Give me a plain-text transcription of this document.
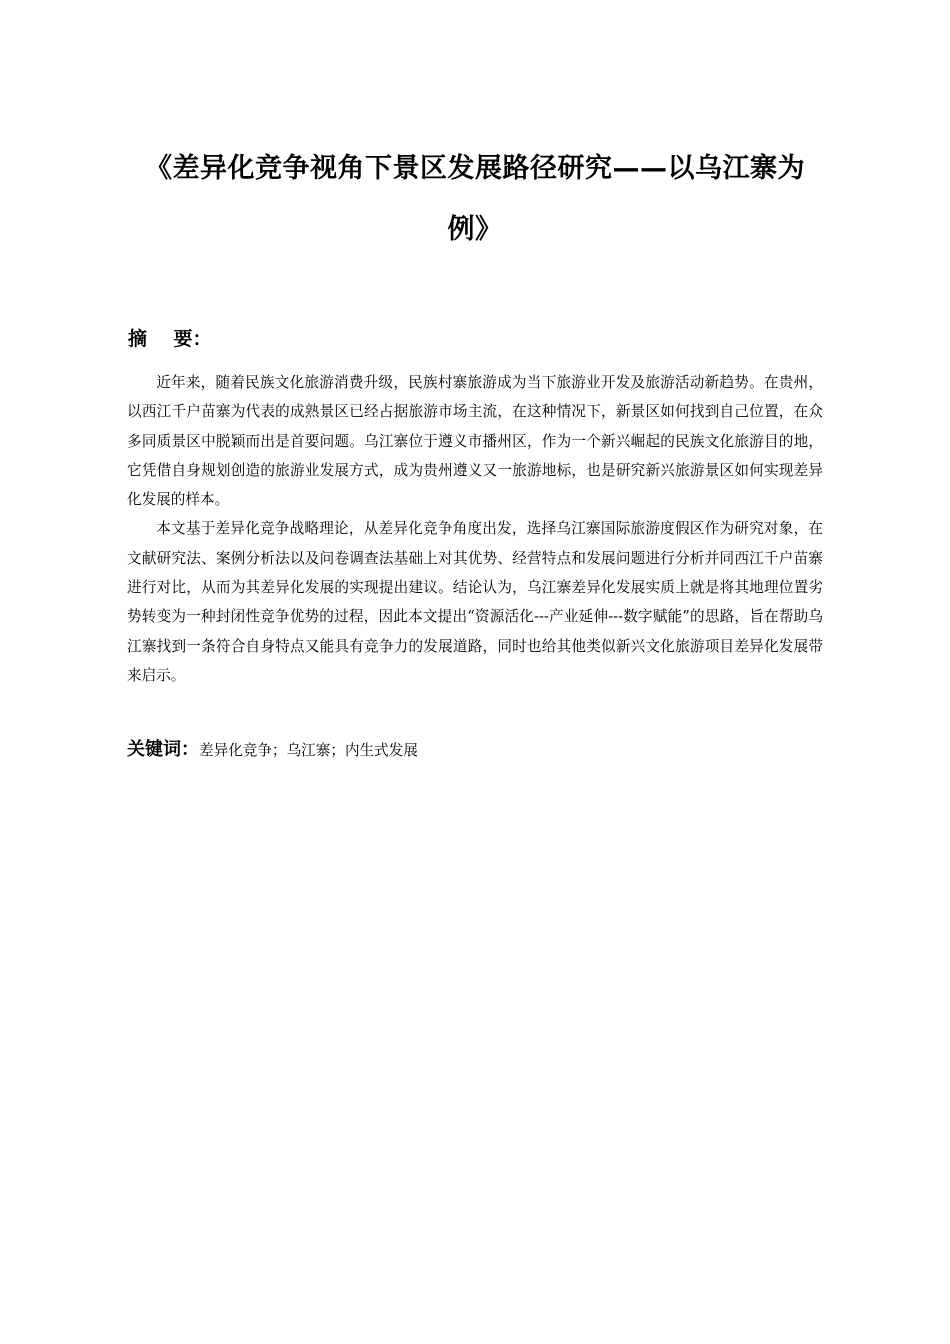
《差异化竞争视角下景区发展路径研究——以乌江寨为例》
摘    要：

近年来，随着民族文化旅游消费升级，民族村寨旅游成为当下旅游业开发及旅游活动新趋势。在贵州，以西江千户苗寨为代表的成熟景区已经占据旅游市场主流，在这种情况下，新景区如何找到自己位置，在众多同质景区中脱颖而出是首要问题。乌江寨位于遵义市播州区，作为一个新兴崛起的民族文化旅游目的地，它凭借自身规划创造的旅游业发展方式，成为贵州遵义又一旅游地标，也是研究新兴旅游景区如何实现差异化发展的样本。

本文基于差异化竞争战略理论，从差异化竞争角度出发，选择乌江寨国际旅游度假区作为研究对象，在文献研究法、案例分析法以及问卷调查法基础上对其优势、经营特点和发展问题进行分析并同西江千户苗寨进行对比，从而为其差异化发展的实现提出建议。结论认为，乌江寨差异化发展实质上就是将其地理位置劣势转变为一种封闭性竞争优势的过程，因此本文提出“资源活化---产业延伸---数字赋能”的思路，旨在帮助乌江寨找到一条符合自身特点又能具有竞争力的发展道路，同时也给其他类似新兴文化旅游项目差异化发展带来启示。

关键词：差异化竞争；乌江寨；内生式发展
